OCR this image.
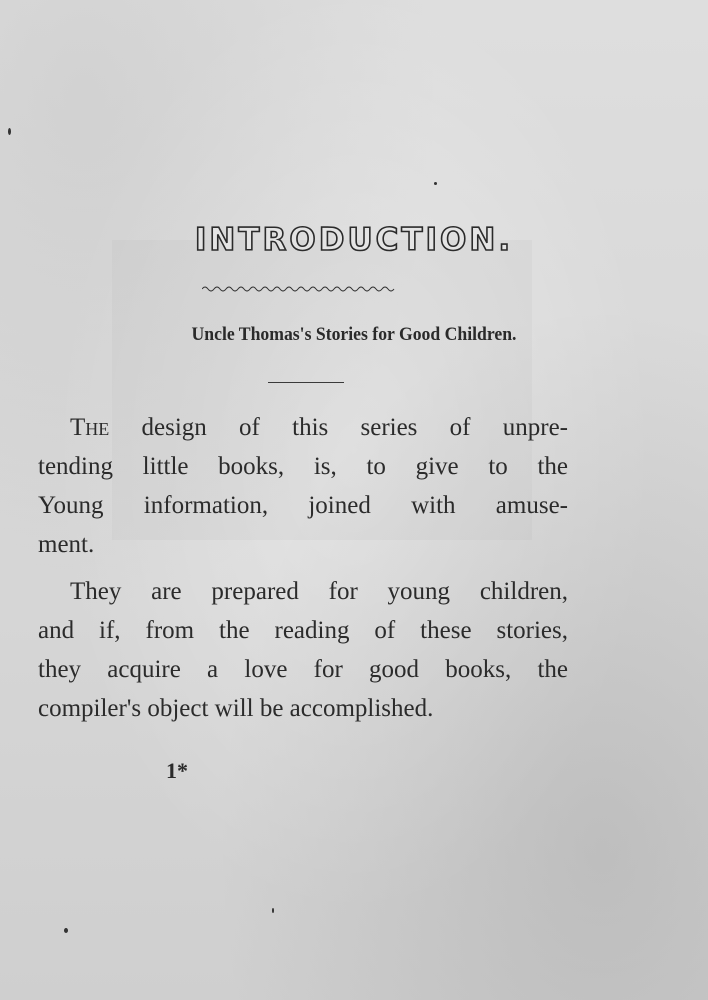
INTRODUCTION.
Uncle Thomas's Stories for Good Children.

The design of this series of unpre-
tending little books, is, to give to the
Young information, joined with amuse-
ment.

They are prepared for young children,
and if, from the reading of these stories,
they acquire a love for good books, the
compiler's object will be accomplished.

1*
